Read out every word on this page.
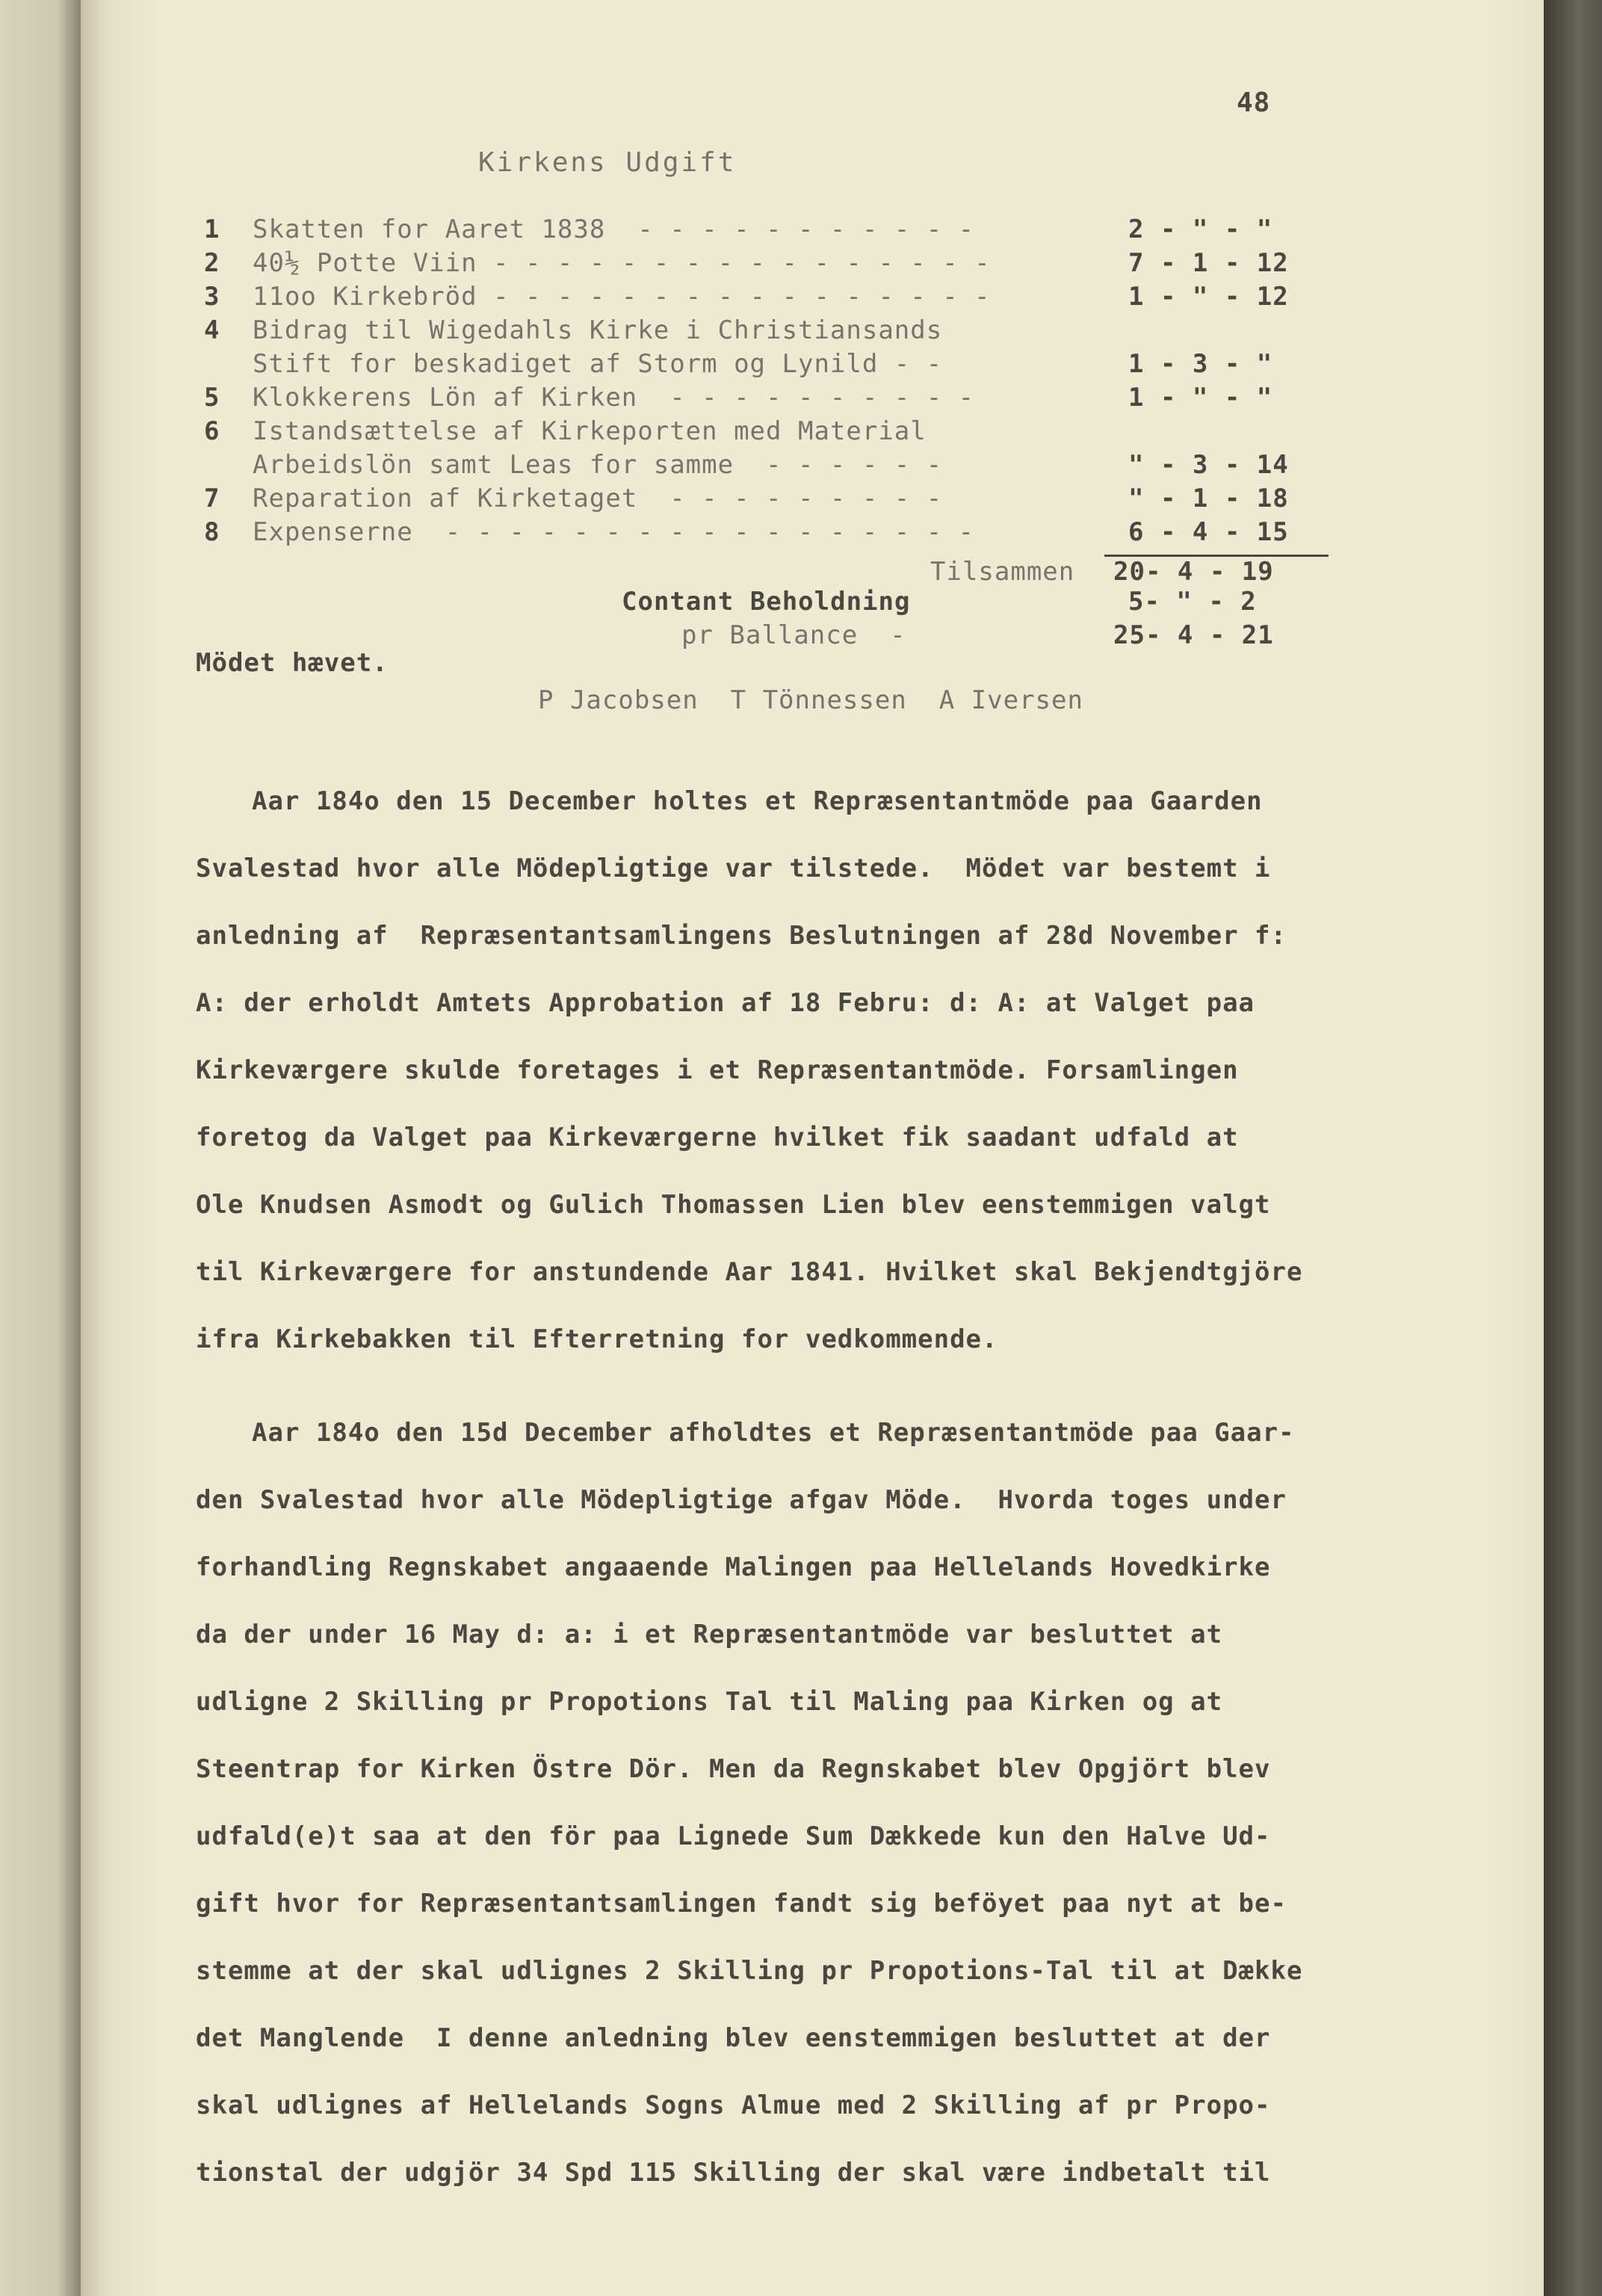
48
Kirkens Udgift
1	Skatten for Aaret 1838  - - - - - - - - - - -	2 - " - "
2	40½ Potte Viin - - - - - - - - - - - - - - - -	7 - 1 - 12
3	11oo Kirkebröd - - - - - - - - - - - - - - - -	1 - " - 12
4	Bidrag til Wigedahls Kirke i Christiansands
Stift for beskadiget af Storm og Lynild - -	1 - 3 - "
5	Klokkerens Lön af Kirken  - - - - - - - - - -	1 - " - "
6	Istandsættelse af Kirkeporten med Material
Arbeidslön samt Leas for samme  - - - - - -	" - 3 - 14
7	Reparation af Kirketaget  - - - - - - - - -	" - 1 - 18
8	Expenserne  - - - - - - - - - - - - - - - - -	6 - 4 - 15
Tilsammen 20- 4 - 19
Contant Beholdning	5- " - 2
pr Ballance  -	25- 4 - 21
Mödet hævet.
P Jacobsen  T Tönnessen  A Iversen
Aar 184o den 15 December holtes et Repræsentantmöde paa Gaarden
Svalestad hvor alle Mödepligtige var tilstede.  Mödet var bestemt i
anledning af  Repræsentantsamlingens Beslutningen af 28d November f:
A: der erholdt Amtets Approbation af 18 Febru: d: A: at Valget paa
Kirkeværgere skulde foretages i et Repræsentantmöde. Forsamlingen
foretog da Valget paa Kirkeværgerne hvilket fik saadant udfald at
Ole Knudsen Asmodt og Gulich Thomassen Lien blev eenstemmigen valgt
til Kirkeværgere for anstundende Aar 1841. Hvilket skal Bekjendtgjöre
ifra Kirkebakken til Efterretning for vedkommende.
Aar 184o den 15d December afholdtes et Repræsentantmöde paa Gaar-
den Svalestad hvor alle Mödepligtige afgav Möde.  Hvorda toges under
forhandling Regnskabet angaaende Malingen paa Hellelands Hovedkirke
da der under 16 May d: a: i et Repræsentantmöde var besluttet at
udligne 2 Skilling pr Propotions Tal til Maling paa Kirken og at
Steentrap for Kirken Östre Dör. Men da Regnskabet blev Opgjört blev
udfald(e)t saa at den för paa Lignede Sum Dækkede kun den Halve Ud-
gift hvor for Repræsentantsamlingen fandt sig beföyet paa nyt at be-
stemme at der skal udlignes 2 Skilling pr Propotions-Tal til at Dække
det Manglende  I denne anledning blev eenstemmigen besluttet at der
skal udlignes af Hellelands Sogns Almue med 2 Skilling af pr Propo-
tionstal der udgjör 34 Spd 115 Skilling der skal være indbetalt til
